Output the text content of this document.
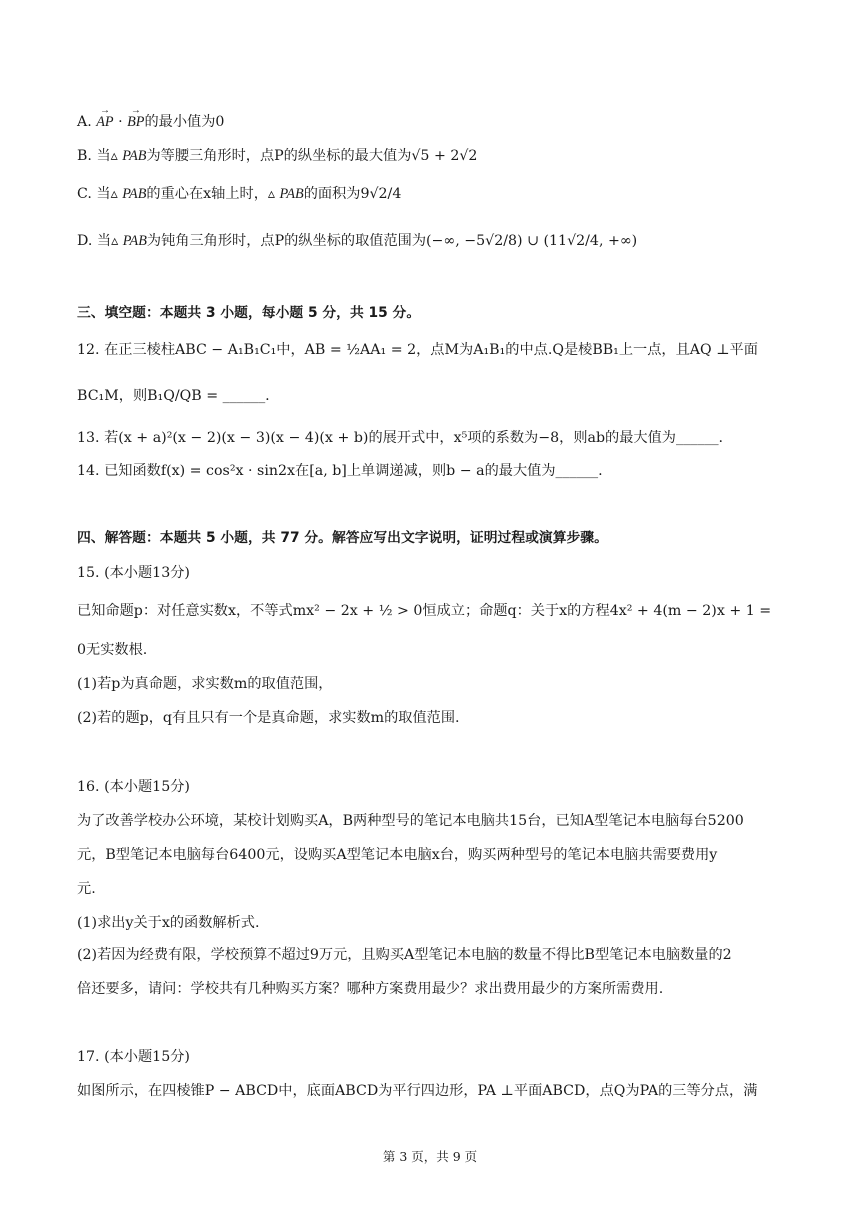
A. → AP · → BP的最小值为0
B. 当▵ PAB为等腰三角形时，点P的纵坐标的最大值为√5 + 2√2
C. 当▵ PAB的重心在x轴上时，▵ PAB的面积为9√2/4
D. 当▵ PAB为钝角三角形时，点P的纵坐标的取值范围为(−∞, −5√2/8) ∪ (11√2/4, +∞)
三、填空题：本题共 3 小题，每小题 5 分，共 15 分。
12. 在正三棱柱ABC − A₁B₁C₁中，AB = ½AA₁ = 2，点M为A₁B₁的中点.Q是棱BB₁上一点，且AQ ⊥平面
BC₁M，则B₁Q/QB = ______.
13. 若(x + a)²(x − 2)(x − 3)(x − 4)(x + b)的展开式中，x⁵项的系数为−8，则ab的最大值为______.
14. 已知函数f(x) = cos²x · sin2x在[a, b]上单调递减，则b − a的最大值为______.
四、解答题：本题共 5 小题，共 77 分。解答应写出文字说明，证明过程或演算步骤。
15. (本小题13分)
已知命题p：对任意实数x，不等式mx² − 2x + ½ > 0恒成立；命题q：关于x的方程4x² + 4(m − 2)x + 1 =
0无实数根.
(1)若p为真命题，求实数m的取值范围，
(2)若的题p，q有且只有一个是真命题，求实数m的取值范围.
16. (本小题15分)
为了改善学校办公环境，某校计划购买A，B两种型号的笔记本电脑共15台，已知A型笔记本电脑每台5200
元，B型笔记本电脑每台6400元，设购买A型笔记本电脑x台，购买两种型号的笔记本电脑共需要费用y
元.
(1)求出y关于x的函数解析式.
(2)若因为经费有限，学校预算不超过9万元，且购买A型笔记本电脑的数量不得比B型笔记本电脑数量的2
倍还要多，请问：学校共有几种购买方案？哪种方案费用最少？求出费用最少的方案所需费用.
17. (本小题15分)
如图所示，在四棱锥P − ABCD中，底面ABCD为平行四边形，PA ⊥平面ABCD，点Q为PA的三等分点，满
第 3 页，共 9 页
